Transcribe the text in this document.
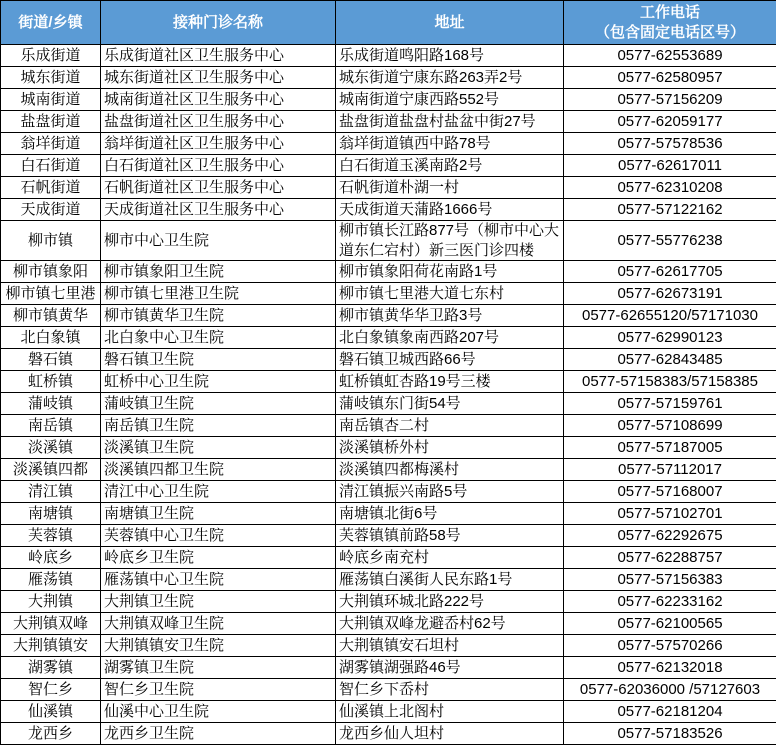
街道/乡镇	接种门诊名称	地址	工作电话
（包含固定电话区号）

乐成街道	乐成街道社区卫生服务中心	乐成街道鸣阳路168号	0577-62553689
城东街道	城东街道社区卫生服务中心	城东街道宁康东路263弄2号	0577-62580957
城南街道	城南街道社区卫生服务中心	城南街道宁康西路552号	0577-57156209
盐盘街道	盐盘街道社区卫生服务中心	盐盘街道盐盘村盐盆中街27号	0577-62059177
翁垟街道	翁垟街道社区卫生服务中心	翁垟街道镇西中路78号	0577-57578536
白石街道	白石街道社区卫生服务中心	白石街道玉溪南路2号	0577-62617011
石帆街道	石帆街道社区卫生服务中心	石帆街道朴湖一村	0577-62310208
天成街道	天成街道社区卫生服务中心	天成街道天蒲路1666号	0577-57122162
柳市镇	柳市中心卫生院	柳市镇长江路877号（柳市中心大道东仁宕村）新三医门诊四楼	0577-55776238
柳市镇象阳	柳市镇象阳卫生院	柳市镇象阳荷花南路1号	0577-62617705
柳市镇七里港	柳市镇七里港卫生院	柳市镇七里港大道七东村	0577-62673191
柳市镇黄华	柳市镇黄华卫生院	柳市镇黄华华卫路3号	0577-62655120/57171030
北白象镇	北白象中心卫生院	北白象镇象南西路207号	0577-62990123
磐石镇	磐石镇卫生院	磐石镇卫城西路66号	0577-62843485
虹桥镇	虹桥中心卫生院	虹桥镇虹杏路19号三楼	0577-57158383/57158385
蒲岐镇	蒲岐镇卫生院	蒲岐镇东门街54号	0577-57159761
南岳镇	南岳镇卫生院	南岳镇杏二村	0577-57108699
淡溪镇	淡溪镇卫生院	淡溪镇桥外村	0577-57187005
淡溪镇四都	淡溪镇四都卫生院	淡溪镇四都梅溪村	0577-57112017
清江镇	清江中心卫生院	清江镇振兴南路5号	0577-57168007
南塘镇	南塘镇卫生院	南塘镇北街6号	0577-57102701
芙蓉镇	芙蓉镇中心卫生院	芙蓉镇镇前路58号	0577-62292675
岭底乡	岭底乡卫生院	岭底乡南充村	0577-62288757
雁荡镇	雁荡镇中心卫生院	雁荡镇白溪街人民东路1号	0577-57156383
大荆镇	大荆镇卫生院	大荆镇环城北路222号	0577-62233162
大荆镇双峰	大荆镇双峰卫生院	大荆镇双峰龙避岙村62号	0577-62100565
大荆镇镇安	大荆镇镇安卫生院	大荆镇镇安石坦村	0577-57570266
湖雾镇	湖雾镇卫生院	湖雾镇湖强路46号	0577-62132018
智仁乡	智仁乡卫生院	智仁乡下岙村	0577-62036000 /57127603
仙溪镇	仙溪中心卫生院	仙溪镇上北阁村	0577-62181204
龙西乡	龙西乡卫生院	龙西乡仙人坦村	0577-57183526
